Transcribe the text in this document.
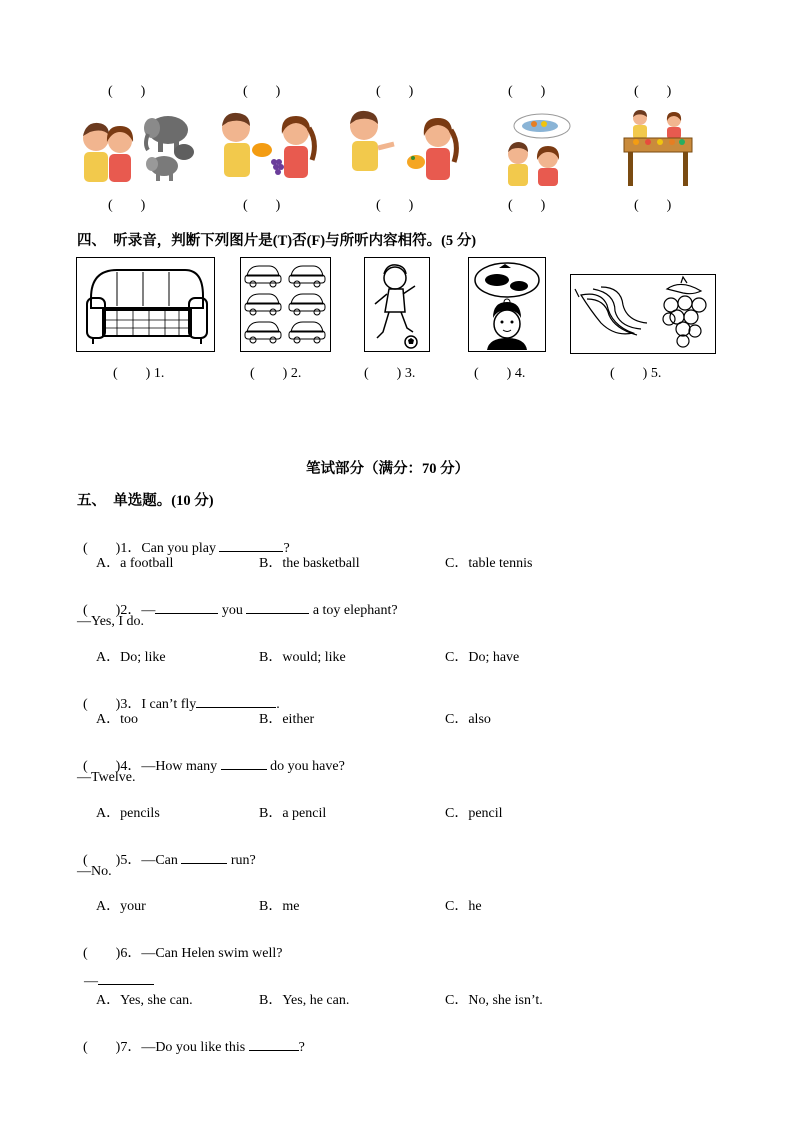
(        )	(        )	(        )	(        )	(        )
(        )	(        )	(        )	(        )	(        )
四、  听录音，判断下列图片是(T)否(F)与所听内容相符。(5 分)
(        ) 1.	(        ) 2.	(        ) 3.	(        ) 4.	(        ) 5.
笔试部分（满分：70 分）
五、  单选题。(10 分)

(        )1．Can you play	?

A．a football	B．the basketball	C．table tennis

(        )2．—	you	a toy elephant?

—Yes, I do.
A．Do; like	B．would; like	C．Do; have

(        )3．I can’t fly	.

A．too	B．either	C．also

(        )4．—How many	do you have?

—Twelve.
A．pencils	B．a pencil	C．pencil

(        )5．—Can	run?

—No.
A．your	B．me	C．he

(        )6．—Can Helen swim well?

—

A．Yes, she can.	B．Yes, he can.	C．No, she isn’t.

(        )7．—Do you like this	?
